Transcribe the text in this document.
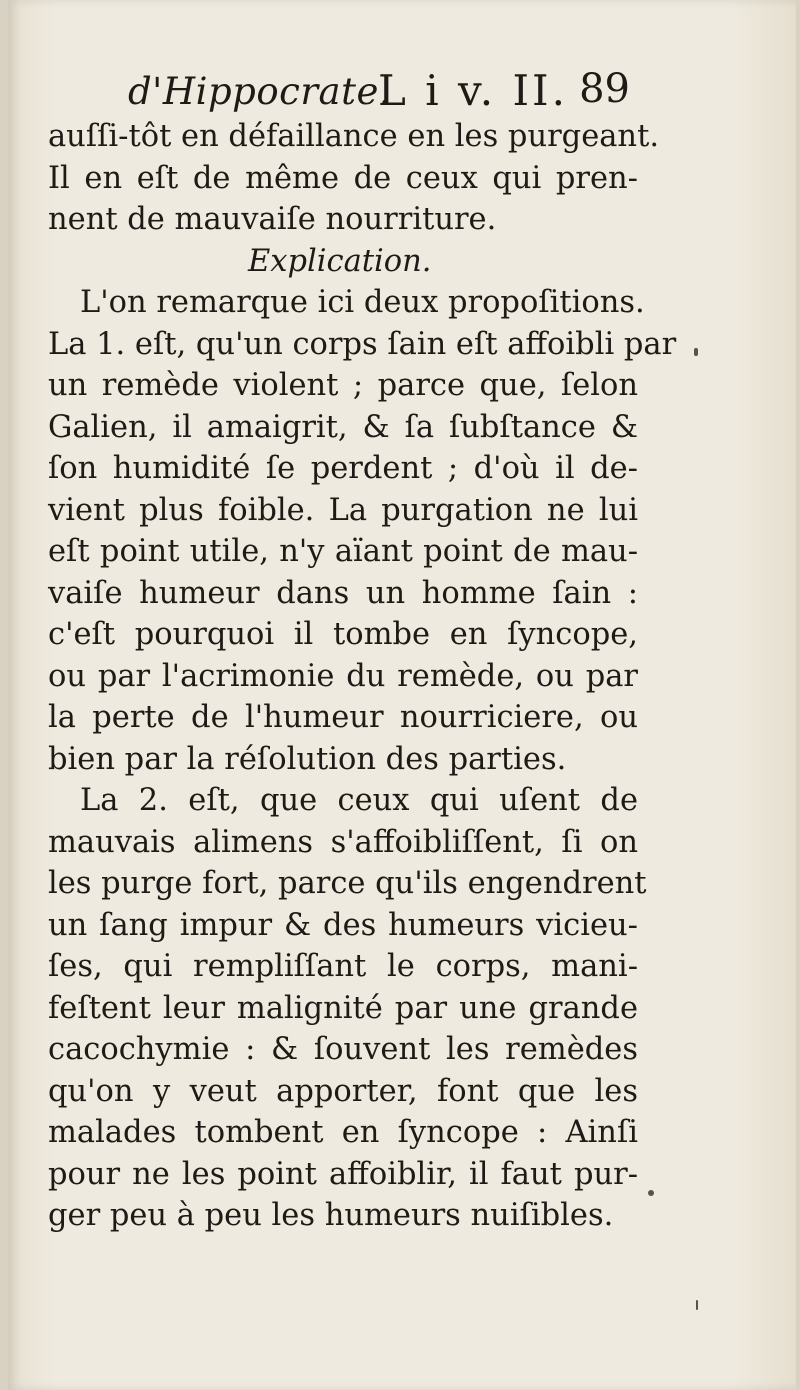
d'Hippocrate.
L i v. II. 89
auſſi-tôt en défaillance en les purgeant.
Il en eſt de même de ceux qui pren-
nent de mauvaiſe nourriture.
Explication.
L'on remarque ici deux propoſitions.
La 1. eſt, qu'un corps ſain eſt affoibli par
un remède violent ; parce que, ſelon
Galien, il amaigrit, & ſa ſubſtance &
ſon humidité ſe perdent ; d'où il de-
vient plus foible. La purgation ne lui
eſt point utile, n'y aïant point de mau-
vaiſe humeur dans un homme ſain :
c'eſt pourquoi il tombe en ſyncope,
ou par l'acrimonie du remède, ou par
la perte de l'humeur nourriciere, ou
bien par la réſolution des parties.
La 2. eſt, que ceux qui uſent de
mauvais alimens s'affoibliſſent, ſi on
les purge fort, parce qu'ils engendrent
un ſang impur & des humeurs vicieu-
ſes, qui rempliſſant le corps, mani-
feſtent leur malignité par une grande
cacochymie : & ſouvent les remèdes
qu'on y veut apporter, font que les
malades tombent en ſyncope : Ainſi
pour ne les point affoiblir, il faut pur-
ger peu à peu les humeurs nuiſibles.
